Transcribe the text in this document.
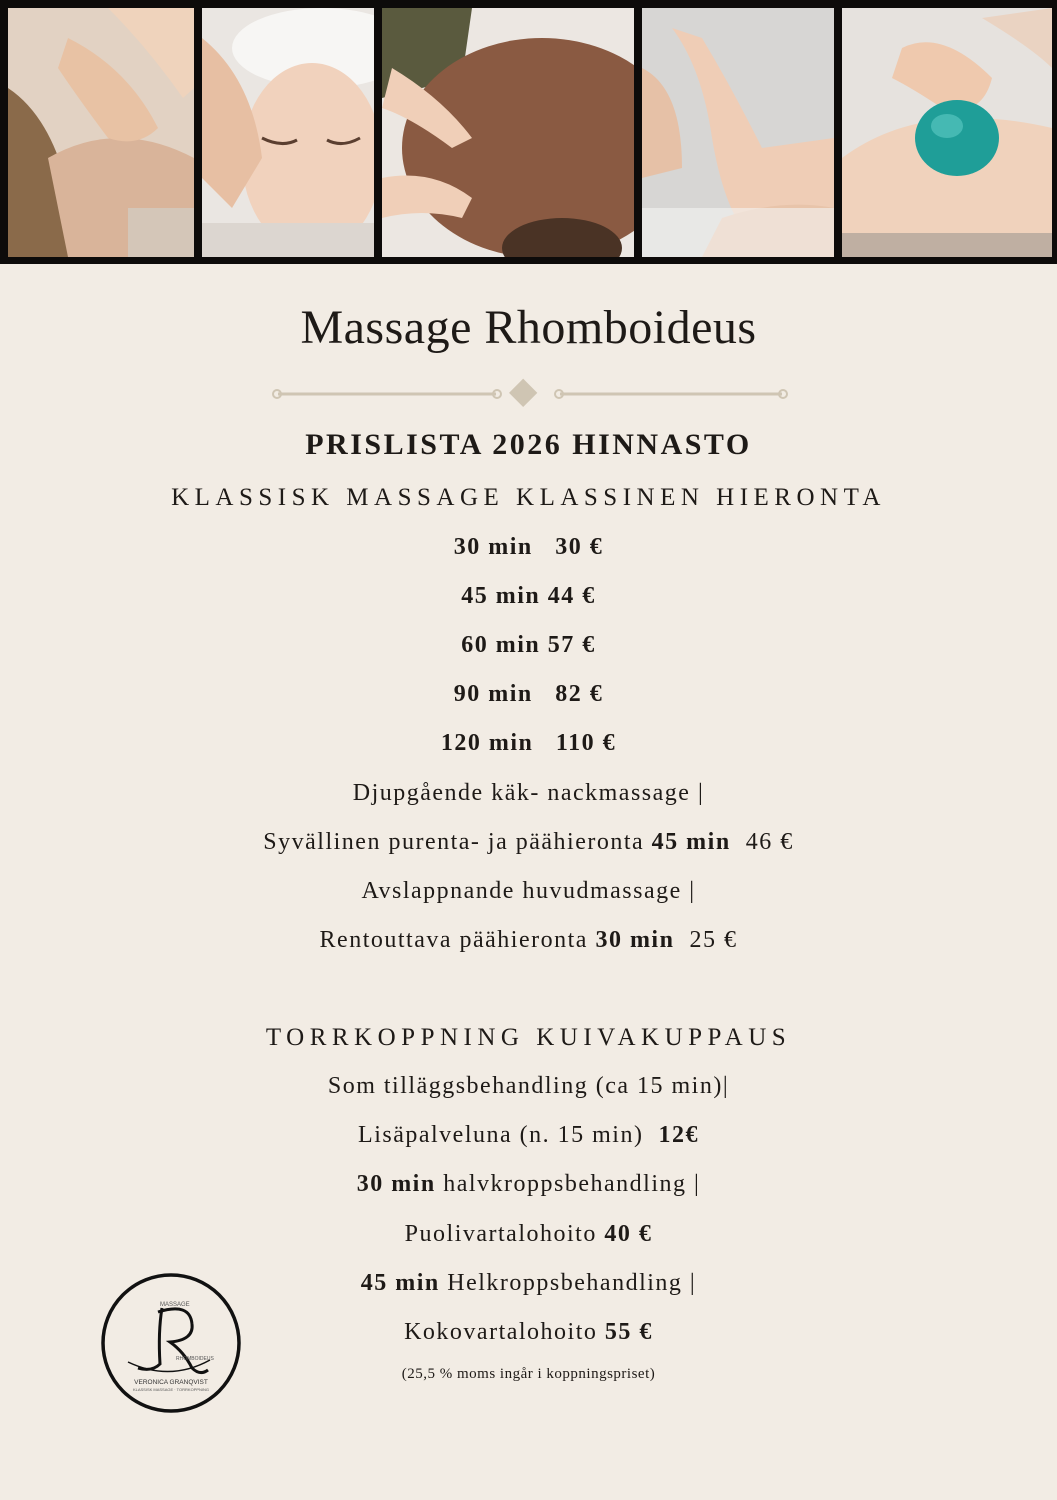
Massage Rhomboideus

PRISLISTA 2026 HINNASTO

KLASSISK MASSAGE KLASSINEN HIERONTA

30 min 30 €

45 min 44 €

60 min 57 €

90 min 82 €

120 min 110 €

Djupgående käk- nackmassage |

Syvällinen purenta- ja päähieronta 45 min 46 €

Avslappnande huvudmassage |

Rentouttava päähieronta 30 min 25 €

TORRKOPPNING KUIVAKUPPAUS

Som tilläggsbehandling (ca 15 min)|

Lisäpalveluna (n. 15 min) 12€

30 min halvkroppsbehandling |

Puolivartalohoito 40 €

45 min Helkroppsbehandling |

Kokovartalohoito 55 €

(25,5 % moms ingår i koppningspriset)

MASSAGE
RHOMBOIDEUS
VERONICA GRANQVIST
KLASSISK MASSAGE · TORRKOPPNING
